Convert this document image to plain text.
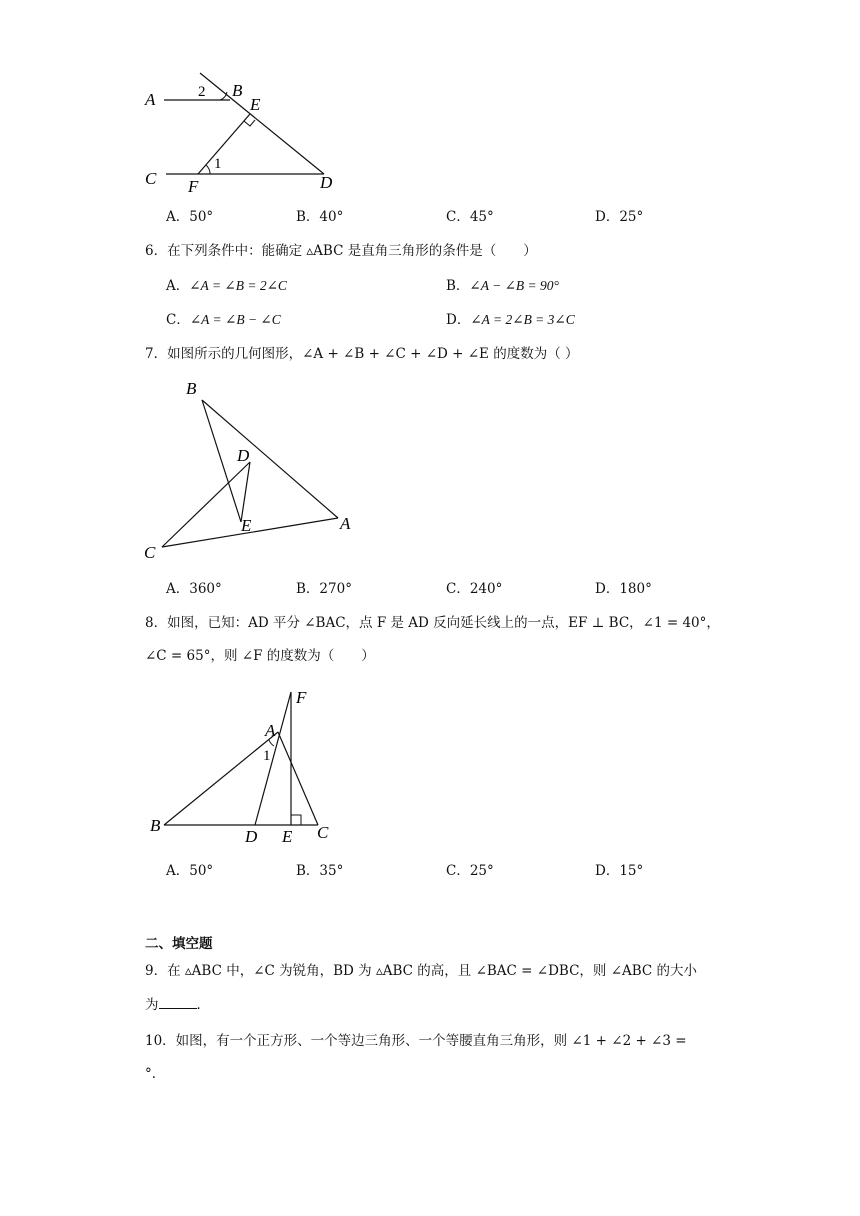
A	B
E
C F	D
2
1
A．50°	B．40°	C．45°	D．25°
6．在下列条件中：能确定 ▵ABC 是直角三角形的条件是（　　）
A．∠A = ∠B = 2∠C	B．∠A − ∠B = 90°
C．∠A = ∠B − ∠C	D．∠A = 2∠B = 3∠C
7．如图所示的几何图形，∠A + ∠B + ∠C + ∠D + ∠E 的度数为（ ）
B
D
E	A
C
A．360°	B．270°	C．240°	D．180°
8．如图，已知：AD 平分 ∠BAC，点 F 是 AD 反向延长线上的一点，EF ⊥ BC，∠1 = 40°，
∠C = 65°，则 ∠F 的度数为（　　）
F
A
1
B
D E C
A．50°	B．35°	C．25°	D．15°
二、填空题
9．在 ▵ABC 中，∠C 为锐角，BD 为 ▵ABC 的高，且 ∠BAC = ∠DBC，则 ∠ABC 的大小
为	．
10．如图，有一个正方形、一个等边三角形、一个等腰直角三角形，则 ∠1 + ∠2 + ∠3 =
°．
